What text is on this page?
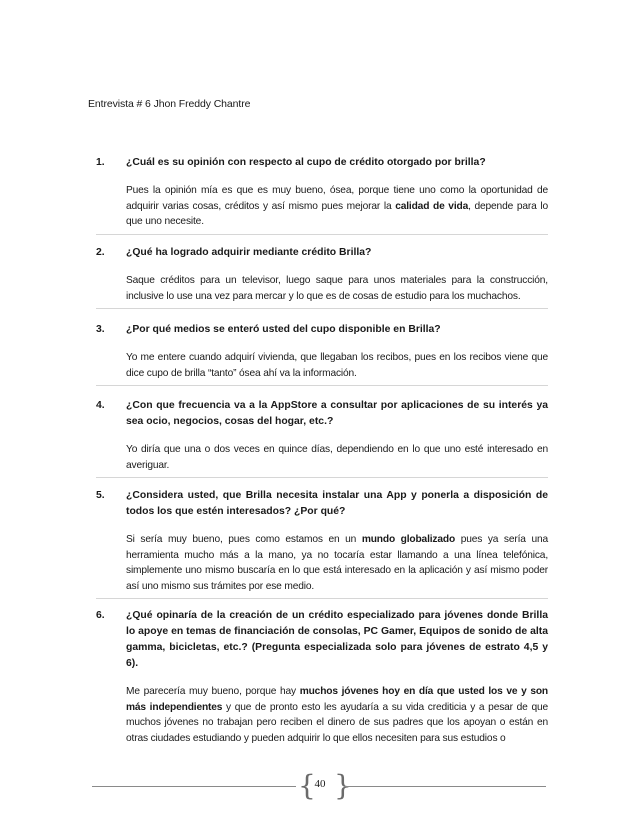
Entrevista # 6 Jhon Freddy Chantre
1.	¿Cuál es su opinión con respecto al cupo de crédito otorgado por brilla?
Pues la opinión mía es que es muy bueno, ósea, porque tiene uno como la oportunidad de adquirir varias cosas, créditos y así mismo pues mejorar la calidad de vida, depende para lo que uno necesite.
2.	¿Qué ha logrado adquirir mediante crédito Brilla?
Saque créditos para un televisor, luego saque para unos materiales para la construcción, inclusive lo use una vez para mercar y lo que es de cosas de estudio para los muchachos.
3.	¿Por qué medios se enteró usted del cupo disponible en Brilla?
Yo me entere cuando adquirí vivienda, que llegaban los recibos, pues en los recibos viene que dice cupo de brilla “tanto” ósea ahí va la información.
4.	¿Con que frecuencia va a la AppStore a consultar por aplicaciones de su interés ya sea ocio, negocios, cosas del hogar, etc.?
Yo diría que una o dos veces en quince días, dependiendo en lo que uno esté interesado en averiguar.
5.	¿Considera usted, que Brilla necesita instalar una App y ponerla a disposición de todos los que estén interesados? ¿Por qué?
Si sería muy bueno, pues como estamos en un mundo globalizado pues ya sería una herramienta mucho más a la mano, ya no tocaría estar llamando a una línea telefónica, simplemente uno mismo buscaría en lo que está interesado en la aplicación y así mismo poder así uno mismo sus trámites por ese medio.
6.	¿Qué opinaría de la creación de un crédito especializado para jóvenes donde Brilla lo apoye en temas de financiación de consolas, PC Gamer, Equipos de sonido de alta gamma, bicicletas, etc.? (Pregunta especializada solo para jóvenes de estrato 4,5 y 6).
Me parecería muy bueno, porque hay muchos jóvenes hoy en día que usted los ve y son más independientes y que de pronto esto les ayudaría a su vida crediticia y a pesar de que muchos jóvenes no trabajan pero reciben el dinero de sus padres que los apoyan o están en otras ciudades estudiando y pueden adquirir lo que ellos necesiten para sus estudios o
{
40 }
